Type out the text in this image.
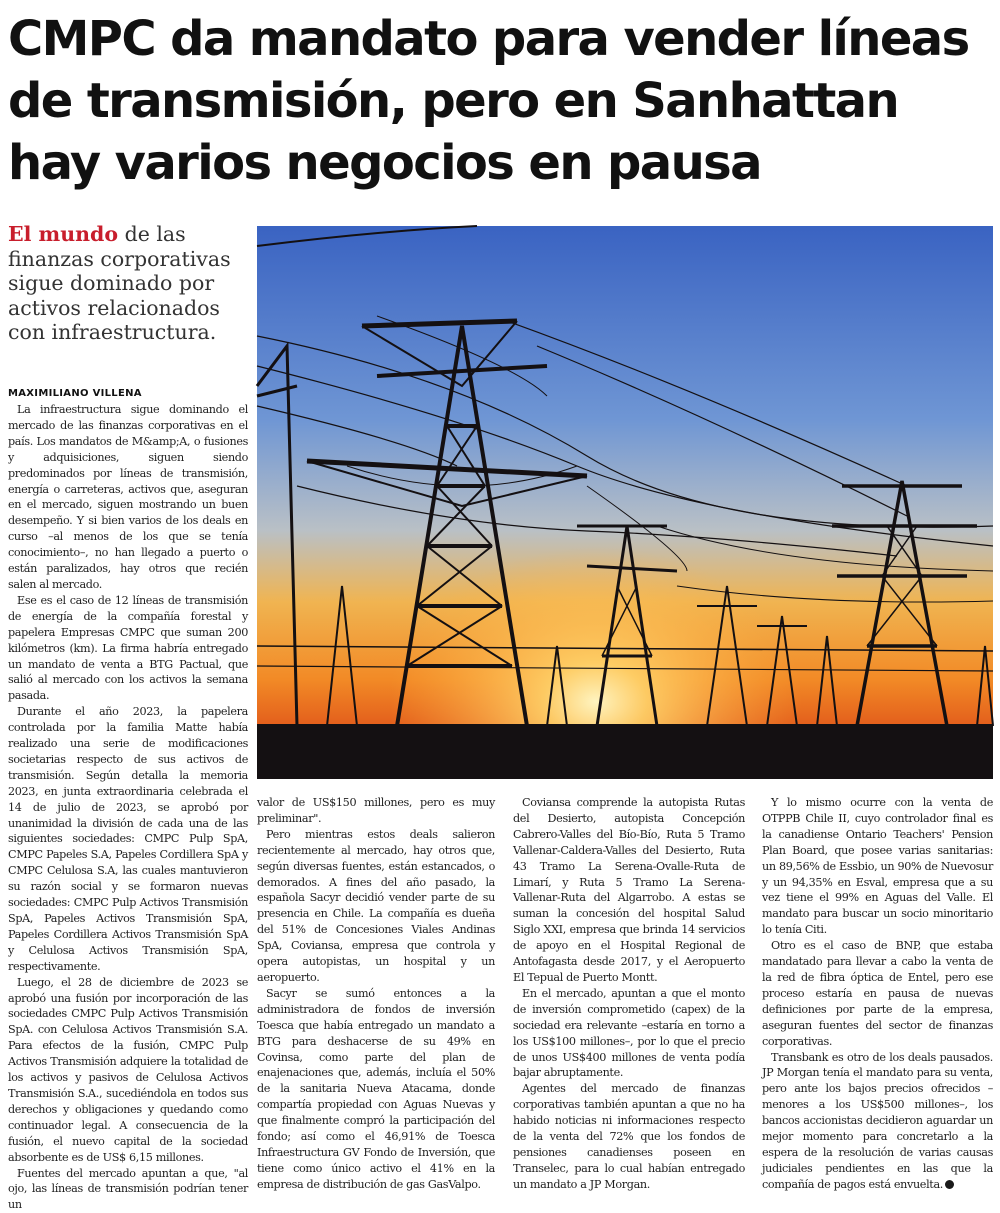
CMPC da mandato para vender líneas de transmisión, pero en Sanhattan hay varios negocios en pausa

El mundo de las finanzas corporativas sigue dominado por activos relacionados con infraestructura.

MAXIMILIANO VILLENA

La infraestructura sigue dominando el mercado de las finanzas corporativas en el país. Los mandatos de M&amp;A, o fusiones y adquisiciones, siguen siendo predominados por líneas de transmisión, energía o carreteras, activos que, aseguran en el mercado, siguen mostrando un buen desempeño. Y si bien varios de los deals en curso –al menos de los que se tenía conocimiento–, no han llegado a puerto o están paralizados, hay otros que recién salen al mercado.

Ese es el caso de 12 líneas de transmisión de energía de la compañía forestal y papelera Empresas CMPC que suman 200 kilómetros (km). La firma habría entregado un mandato de venta a BTG Pactual, que salió al mercado con los activos la semana pasada.

Durante el año 2023, la papelera controlada por la familia Matte había realizado una serie de modificaciones societarias respecto de sus activos de transmisión. Según detalla la memoria 2023, en junta extraordinaria celebrada el 14 de julio de 2023, se aprobó por unanimidad la división de cada una de las siguientes sociedades: CMPC Pulp SpA, CMPC Papeles S.A, Papeles Cordillera SpA y CMPC Celulosa S.A, las cuales mantuvieron su razón social y se formaron nuevas sociedades: CMPC Pulp Activos Transmisión SpA, Papeles Activos Transmisión SpA, Papeles Cordillera Activos Transmisión SpA y Celulosa Activos Transmisión SpA, respectivamente.

Luego, el 28 de diciembre de 2023 se aprobó una fusión por incorporación de las sociedades CMPC Pulp Activos Transmisión SpA. con Celulosa Activos Transmisión S.A. Para efectos de la fusión, CMPC Pulp Activos Transmisión adquiere la totalidad de los activos y pasivos de Celulosa Activos Transmisión S.A., sucediéndola en todos sus derechos y obligaciones y quedando como continuador legal. A consecuencia de la fusión, el nuevo capital de la sociedad absorbente es de US$ 6,15 millones.

Fuentes del mercado apuntan a que, "al ojo, las líneas de transmisión podrían tener un

valor de US$150 millones, pero es muy preliminar".

Pero mientras estos deals salieron recientemente al mercado, hay otros que, según diversas fuentes, están estancados, o demorados. A fines del año pasado, la española Sacyr decidió vender parte de su presencia en Chile. La compañía es dueña del 51% de Concesiones Viales Andinas SpA, Coviansa, empresa que controla y opera autopistas, un hospital y un aeropuerto.

Sacyr se sumó entonces a la administradora de fondos de inversión Toesca que había entregado un mandato a BTG para deshacerse de su 49% en Covinsa, como parte del plan de enajenaciones que, además, incluía el 50% de la sanitaria Nueva Atacama, donde compartía propiedad con Aguas Nuevas y que finalmente compró la participación del fondo; así como el 46,91% de Toesca Infraestructura GV Fondo de Inversión, que tiene como único activo el 41% en la empresa de distribución de gas GasValpo.

Coviansa comprende la autopista Rutas del Desierto, autopista Concepción Cabrero-Valles del Bío-Bío, Ruta 5 Tramo Vallenar-Caldera-Valles del Desierto, Ruta 43 Tramo La Serena-Ovalle-Ruta de Limarí, y Ruta 5 Tramo La Serena-Vallenar-Ruta del Algarrobo. A estas se suman la concesión del hospital Salud Siglo XXI, empresa que brinda 14 servicios de apoyo en el Hospital Regional de Antofagasta desde 2017, y el Aeropuerto El Tepual de Puerto Montt.

En el mercado, apuntan a que el monto de inversión comprometido (capex) de la sociedad era relevante –estaría en torno a los US$100 millones–, por lo que el precio de unos US$400 millones de venta podía bajar abruptamente.

Agentes del mercado de finanzas corporativas también apuntan a que no ha habido noticias ni informaciones respecto de la venta del 72% que los fondos de pensiones canadienses poseen en Transelec, para lo cual habían entregado un mandato a JP Morgan.

Y lo mismo ocurre con la venta de OTPPB Chile II, cuyo controlador final es la canadiense Ontario Teachers' Pension Plan Board, que posee varias sanitarias: un 89,56% de Essbio, un 90% de Nuevosur y un 94,35% en Esval, empresa que a su vez tiene el 99% en Aguas del Valle. El mandato para buscar un socio minoritario lo tenía Citi.

Otro es el caso de BNP, que estaba mandatado para llevar a cabo la venta de la red de fibra óptica de Entel, pero ese proceso estaría en pausa de nuevas definiciones por parte de la empresa, aseguran fuentes del sector de finanzas corporativas.

Transbank es otro de los deals pausados. JP Morgan tenía el mandato para su venta, pero ante los bajos precios ofrecidos –menores a los US$500 millones–, los bancos accionistas decidieron aguardar un mejor momento para concretarlo a la espera de la resolución de varias causas judiciales pendientes en las que la compañía de pagos está envuelta.
